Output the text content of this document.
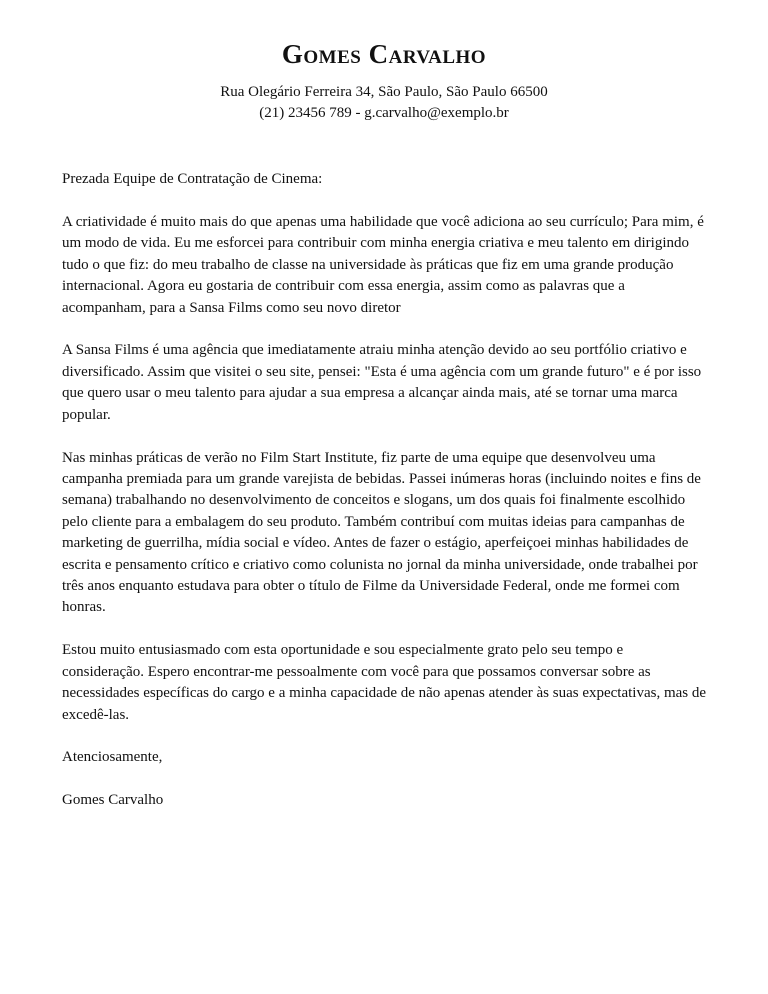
Gomes Carvalho

Rua Olegário Ferreira 34, São Paulo, São Paulo 66500

(21) 23456 789 - g.carvalho@exemplo.br

Prezada Equipe de Contratação de Cinema:

A criatividade é muito mais do que apenas uma habilidade que você adiciona ao seu currículo; Para mim, é um modo de vida. Eu me esforcei para contribuir com minha energia criativa e meu talento em dirigindo tudo o que fiz: do meu trabalho de classe na universidade às práticas que fiz em uma grande produção internacional. Agora eu gostaria de contribuir com essa energia, assim como as palavras que a acompanham, para a Sansa Films como seu novo diretor

A Sansa Films é uma agência que imediatamente atraiu minha atenção devido ao seu portfólio criativo e diversificado. Assim que visitei o seu site, pensei: "Esta é uma agência com um grande futuro" e é por isso que quero usar o meu talento para ajudar a sua empresa a alcançar ainda mais, até se tornar uma marca popular.

Nas minhas práticas de verão no Film Start Institute, fiz parte de uma equipe que desenvolveu uma campanha premiada para um grande varejista de bebidas. Passei inúmeras horas (incluindo noites e fins de semana) trabalhando no desenvolvimento de conceitos e slogans, um dos quais foi finalmente escolhido pelo cliente para a embalagem do seu produto. Também contribuí com muitas ideias para campanhas de marketing de guerrilha, mídia social e vídeo. Antes de fazer o estágio, aperfeiçoei minhas habilidades de escrita e pensamento crítico e criativo como colunista no jornal da minha universidade, onde trabalhei por três anos enquanto estudava para obter o título de Filme da Universidade Federal, onde me formei com honras.

Estou muito entusiasmado com esta oportunidade e sou especialmente grato pelo seu tempo e consideração. Espero encontrar-me pessoalmente com você para que possamos conversar sobre as necessidades específicas do cargo e a minha capacidade de não apenas atender às suas expectativas, mas de excedê-las.

Atenciosamente,

Gomes Carvalho
